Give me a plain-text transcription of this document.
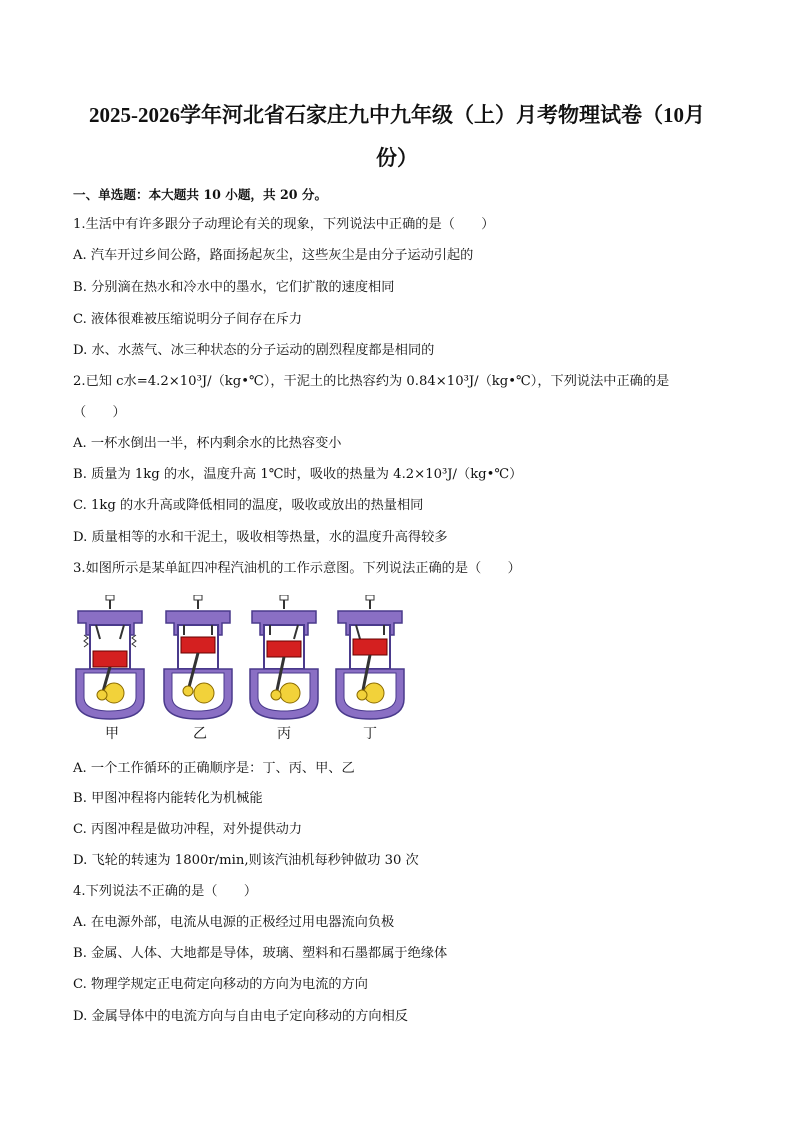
2025-2026学年河北省石家庄九中九年级（上）月考物理试卷（10月
份）
一、单选题：本大题共 10 小题，共 20 分。
1.生活中有许多跟分子动理论有关的现象，下列说法中正确的是（　　）
A. 汽车开过乡间公路，路面扬起灰尘，这些灰尘是由分子运动引起的
B. 分别滴在热水和冷水中的墨水，它们扩散的速度相同
C. 液体很难被压缩说明分子间存在斥力
D. 水、水蒸气、冰三种状态的分子运动的剧烈程度都是相同的
2.已知 c水=4.2×10³J/（kg•℃），干泥土的比热容约为 0.84×10³J/（kg•℃），下列说法中正确的是
（　　）
A. 一杯水倒出一半，杯内剩余水的比热容变小
B. 质量为 1kg 的水，温度升高 1℃时，吸收的热量为 4.2×10³J/（kg•℃）
C. 1kg 的水升高或降低相同的温度，吸收或放出的热量相同
D. 质量相等的水和干泥土，吸收相等热量，水的温度升高得较多
3.如图所示是某单缸四冲程汽油机的工作示意图。下列说法正确的是（　　）
甲	乙	丙	丁
A. 一个工作循环的正确顺序是：丁、丙、甲、乙
B. 甲图冲程将内能转化为机械能
C. 丙图冲程是做功冲程，对外提供动力
D. 飞轮的转速为 1800r/min,则该汽油机每秒钟做功 30 次
4.下列说法不正确的是（　　）
A. 在电源外部，电流从电源的正极经过用电器流向负极
B. 金属、人体、大地都是导体，玻璃、塑料和石墨都属于绝缘体
C. 物理学规定正电荷定向移动的方向为电流的方向
D. 金属导体中的电流方向与自由电子定向移动的方向相反
